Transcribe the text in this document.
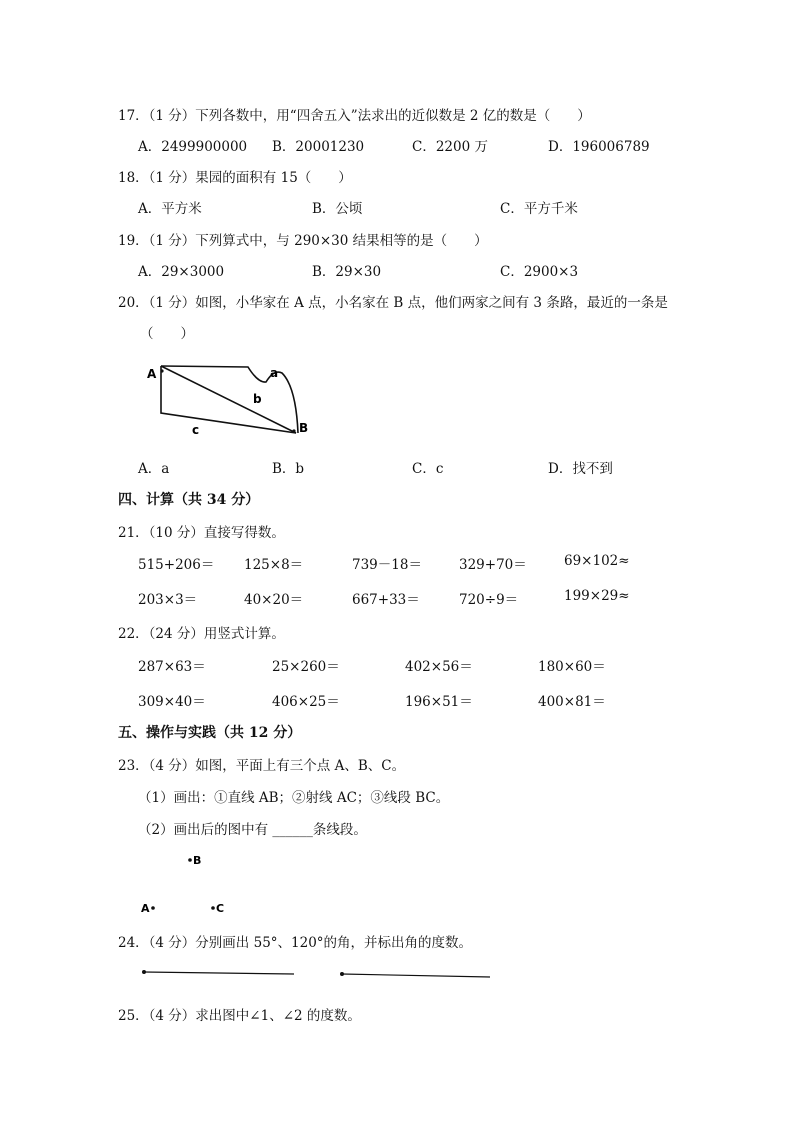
17．（1 分）下列各数中，用“四舍五入”法求出的近似数是 2 亿的数是（　　）
A．2499900000 B．20001230	C．2200 万	D．196006789
18．（1 分）果园的面积有 15（　　）
A．平方米	B．公顷	C．平方千米
19．（1 分）下列算式中，与 290×30 结果相等的是（　　）
A．29×3000	B．29×30	C．2900×3
20．（1 分）如图，小华家在 A 点，小名家在 B 点，他们两家之间有 3 条路，最近的一条是
（　　）
A
B
a
b
c
A．a	B．b	C．c	D．找不到
四、计算（共 34 分）
21．（10 分）直接写得数。
515+206＝ 125×8＝	739－18＝	329+70＝	69×102≈
203×3＝	40×20＝	667+33＝	720÷9＝	199×29≈
22．（24 分）用竖式计算。
287×63＝	25×260＝	402×56＝	180×60＝
309×40＝	406×25＝	196×51＝	400×81＝
五、操作与实践（共 12 分）
23．（4 分）如图，平面上有三个点 A、B、C。
（1）画出：①直线 AB；②射线 AC；③线段 BC。
（2）画出后的图中有 ______条线段。
B
A	C
24．（4 分）分别画出 55°、120°的角，并标出角的度数。
25．（4 分）求出图中∠1、∠2 的度数。
